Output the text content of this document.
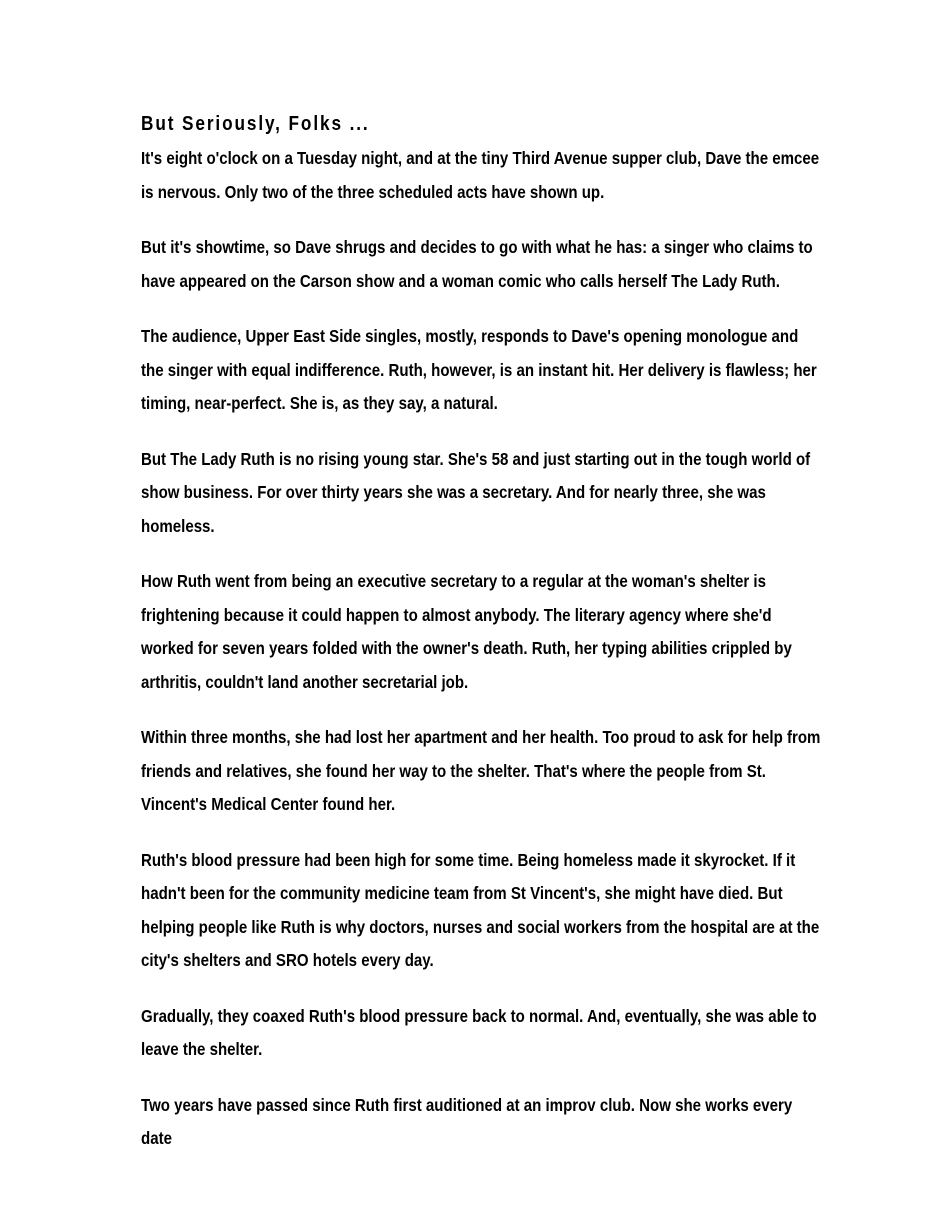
But Seriously, Folks ...

It's eight o'clock on a Tuesday night, and at the tiny Third Avenue supper club, Dave the emcee is nervous. Only two of the three scheduled acts have shown up.

But it's showtime, so Dave shrugs and decides to go with what he has: a singer who claims to have appeared on the Carson show and a woman comic who calls herself The Lady Ruth.

The audience, Upper East Side singles, mostly, responds to Dave's opening monologue and the singer with equal indifference. Ruth, however, is an instant hit. Her delivery is flawless; her timing, near-perfect. She is, as they say, a natural.

But The Lady Ruth is no rising young star. She's 58 and just starting out in the tough world of show business. For over thirty years she was a secretary. And for nearly three, she was homeless.

How Ruth went from being an executive secretary to a regular at the woman's shelter is frightening because it could happen to almost anybody. The literary agency where she'd worked for seven years folded with the owner's death. Ruth, her typing abilities crippled by arthritis, couldn't land another secretarial job.

Within three months, she had lost her apartment and her health. Too proud to ask for help from friends and relatives, she found her way to the shelter. That's where the people from St. Vincent's Medical Center found her.

Ruth's blood pressure had been high for some time. Being homeless made it skyrocket. If it hadn't been for the community medicine team from St Vincent's, she might have died. But helping people like Ruth is why doctors, nurses and social workers from the hospital are at the city's shelters and SRO hotels every day.

Gradually, they coaxed Ruth's blood pressure back to normal. And, eventually, she was able to leave the shelter.

Two years have passed since Ruth first auditioned at an improv club. Now she works every date
